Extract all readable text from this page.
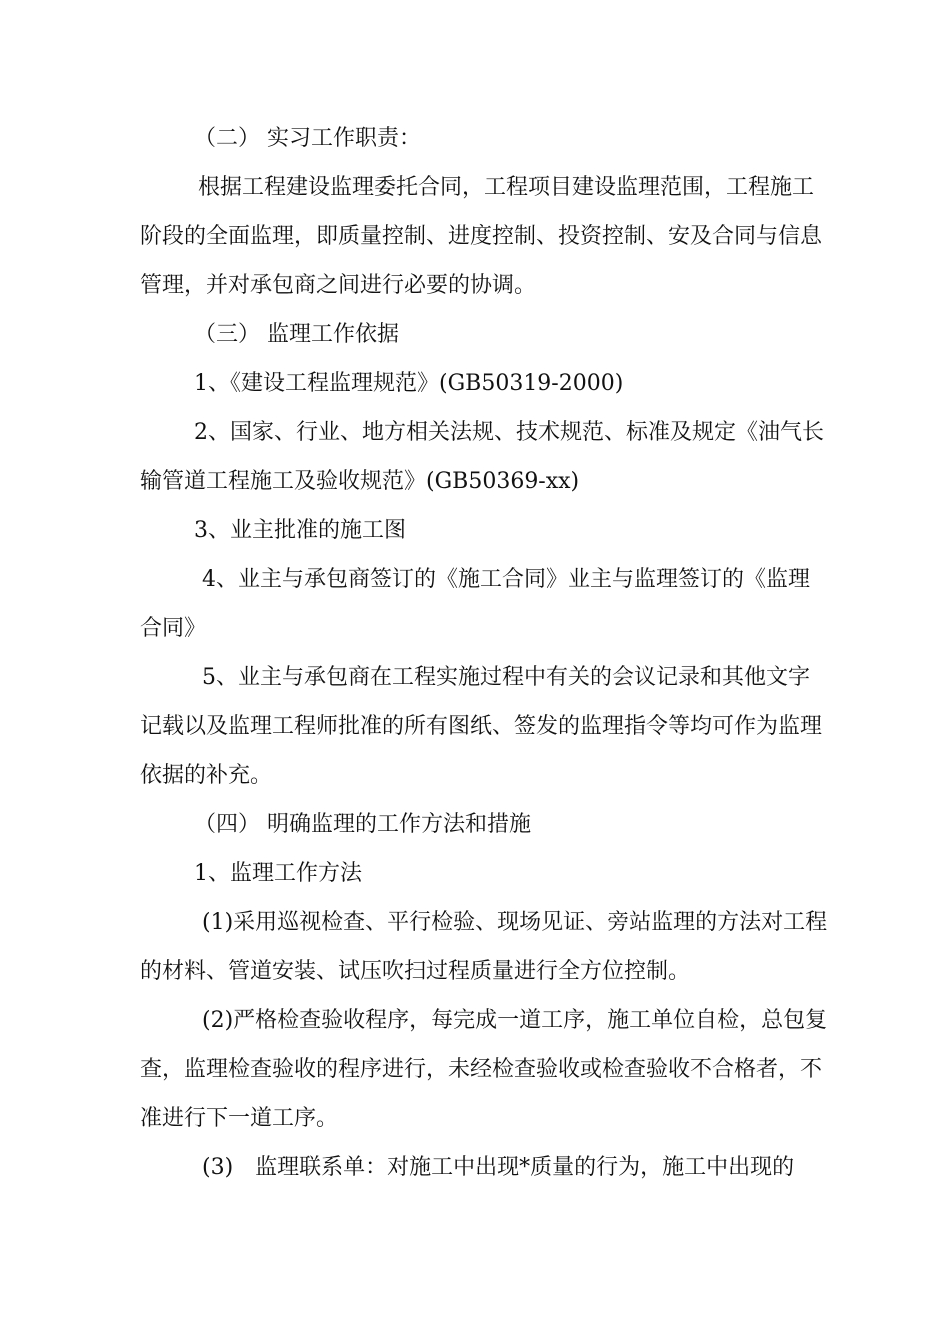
（二） 实习工作职责：

根据工程建设监理委托合同，工程项目建设监理范围，工程施工阶段的全面监理，即质量控制、进度控制、投资控制、安及合同与信息管理，并对承包商之间进行必要的协调。

（三） 监理工作依据

1、《建设工程监理规范》(GB50319-2000)

2、国家、行业、地方相关法规、技术规范、标准及规定《油气长输管道工程施工及验收规范》(GB50369-xx)

3、业主批准的施工图

4、业主与承包商签订的《施工合同》业主与监理签订的《监理合同》

5、业主与承包商在工程实施过程中有关的会议记录和其他文字记载以及监理工程师批准的所有图纸、签发的监理指令等均可作为监理依据的补充。

（四） 明确监理的工作方法和措施

1、监理工作方法

(1)采用巡视检查、平行检验、现场见证、旁站监理的方法对工程的材料、管道安装、试压吹扫过程质量进行全方位控制。

(2)严格检查验收程序，每完成一道工序，施工单位自检，总包复查，监理检查验收的程序进行，未经检查验收或检查验收不合格者，不准进行下一道工序。

(3)　监理联系单：对施工中出现*质量的行为，施工中出现的
